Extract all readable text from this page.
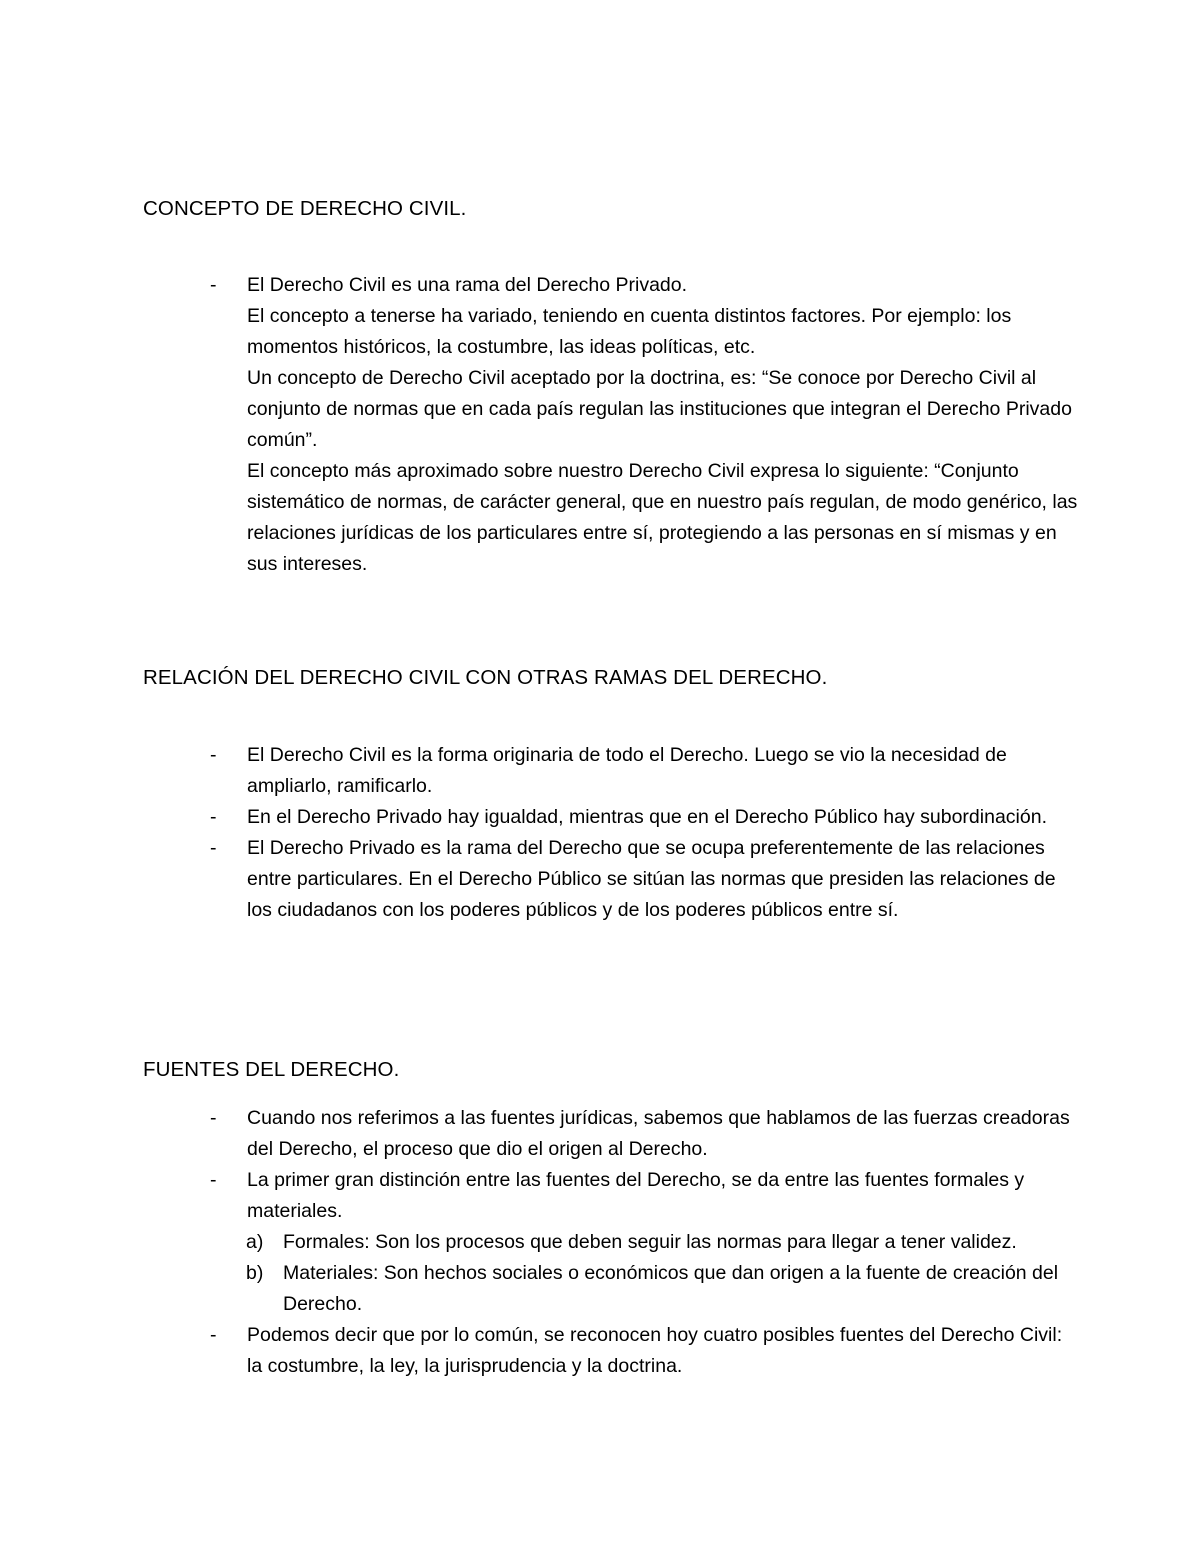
CONCEPTO DE DERECHO CIVIL.
- El Derecho Civil es una rama del Derecho Privado.
El concepto a tenerse ha variado, teniendo en cuenta distintos factores. Por ejemplo: los momentos históricos, la costumbre, las ideas políticas, etc.
Un concepto de Derecho Civil aceptado por la doctrina, es: “Se conoce por Derecho Civil al conjunto de normas que en cada país regulan las instituciones que integran el Derecho Privado común”.
El concepto más aproximado sobre nuestro Derecho Civil expresa lo siguiente: “Conjunto sistemático de normas, de carácter general, que en nuestro país regulan, de modo genérico, las relaciones jurídicas de los particulares entre sí, protegiendo a las personas en sí mismas y en sus intereses.
RELACIÓN DEL DERECHO CIVIL CON OTRAS RAMAS DEL DERECHO.
- El Derecho Civil es la forma originaria de todo el Derecho. Luego se vio la necesidad de ampliarlo, ramificarlo.
- En el Derecho Privado hay igualdad, mientras que en el Derecho Público hay subordinación.
- El Derecho Privado es la rama del Derecho que se ocupa preferentemente de las relaciones entre particulares. En el Derecho Público se sitúan las normas que presiden las relaciones de los ciudadanos con los poderes públicos y de los poderes públicos entre sí.
FUENTES DEL DERECHO.
- Cuando nos referimos a las fuentes jurídicas, sabemos que hablamos de las fuerzas creadoras del Derecho, el proceso que dio el origen al Derecho.
- La primer gran distinción entre las fuentes del Derecho, se da entre las fuentes formales y materiales.
a) Formales: Son los procesos que deben seguir las normas para llegar a tener validez.
b) Materiales: Son hechos sociales o económicos que dan origen a la fuente de creación del Derecho.
- Podemos decir que por lo común, se reconocen hoy cuatro posibles fuentes del Derecho Civil: la costumbre, la ley, la jurisprudencia y la doctrina.
